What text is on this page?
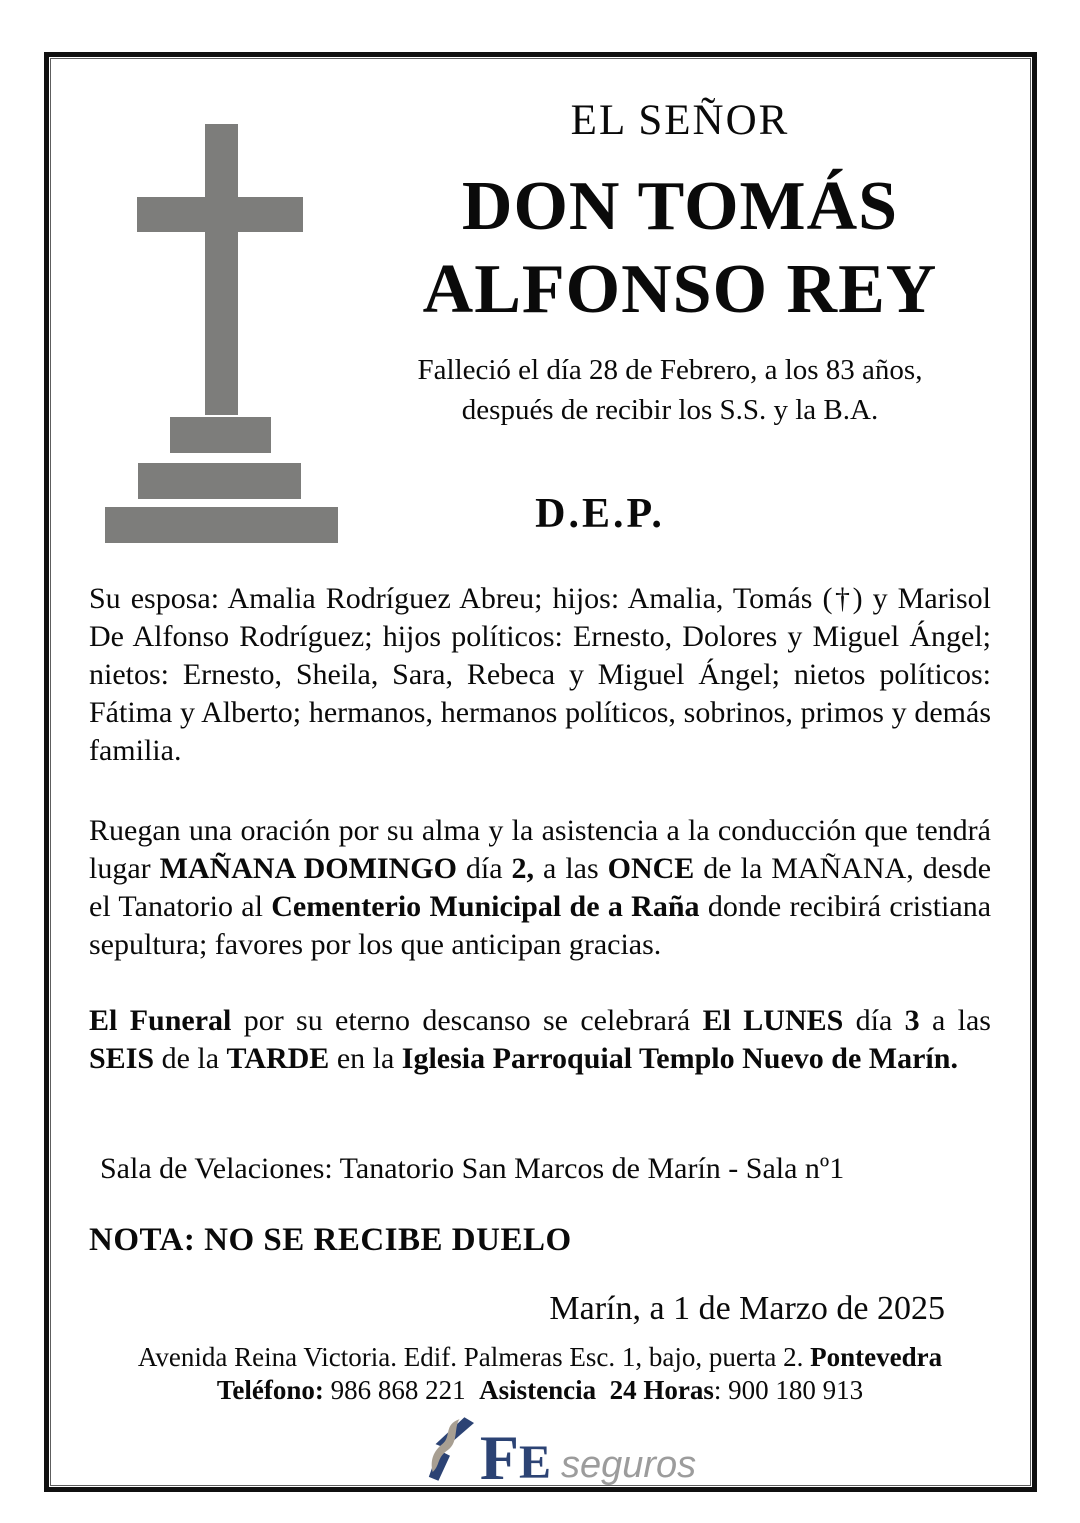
EL SEÑOR
DON TOMÁS
ALFONSO REY
Falleció el día 28 de Febrero, a los 83 años,
después de recibir los S.S. y la B.A.
D.E.P.

Su esposa: Amalia Rodríguez Abreu; hijos: Amalia, Tomás (†) y Marisol De Alfonso Rodríguez; hijos políticos: Ernesto, Dolores y Miguel Ángel; nietos: Ernesto, Sheila, Sara, Rebeca y Miguel Ángel; nietos políticos: Fátima y Alberto; hermanos, hermanos políticos, sobrinos, primos y demás familia.

Ruegan una oración por su alma y la asistencia a la conducción que tendrá lugar MAÑANA DOMINGO día 2, a las ONCE de la MAÑANA, desde el Tanatorio al Cementerio Municipal de a Raña donde recibirá cristiana sepultura; favores por los que anticipan gracias.

El Funeral por su eterno descanso se celebrará El LUNES día 3 a las SEIS de la TARDE en la Iglesia Parroquial Templo Nuevo de Marín.

Sala de Velaciones: Tanatorio San Marcos de Marín - Sala nº1
NOTA: NO SE RECIBE DUELO
Marín, a 1 de Marzo de 2025
Avenida Reina Victoria. Edif. Palmeras Esc. 1, bajo, puerta 2. Pontevedra
Teléfono: 986 868 221  Asistencia  24 Horas: 900 180 913
F E seguros
